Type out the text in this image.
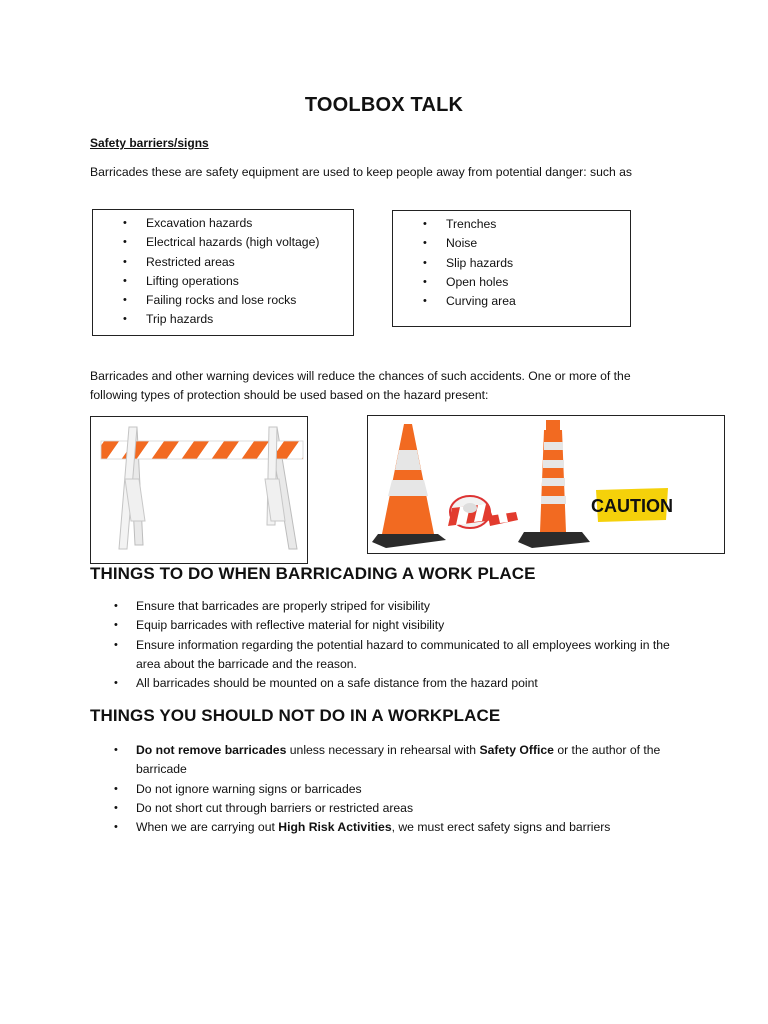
TOOLBOX TALK
Safety barriers/signs
Barricades these are safety equipment are used to keep people away from potential danger: such as
• Excavation hazards
• Electrical hazards (high voltage)
• Restricted areas
• Lifting operations
• Failing rocks and lose rocks
• Trip hazards
• Trenches
• Noise
• Slip hazards
• Open holes
• Curving area
Barricades and other warning devices will reduce the chances of such accidents. One or more of the
following types of protection should be used based on the hazard present:
CAUTION
THINGS TO DO WHEN BARRICADING A WORK PLACE
• Ensure that barricades are properly striped for visibility
• Equip barricades with reflective material for night visibility
• Ensure information regarding the potential hazard to communicated to all employees working in the area about the barricade and the reason.
• All barricades should be mounted on a safe distance from the hazard point
THINGS YOU SHOULD NOT DO IN A WORKPLACE
• Do not remove barricades unless necessary in rehearsal with Safety Office or the author of the barricade
• Do not ignore warning signs or barricades
• Do not short cut through barriers or restricted areas
• When we are carrying out High Risk Activities, we must erect safety signs and barriers
